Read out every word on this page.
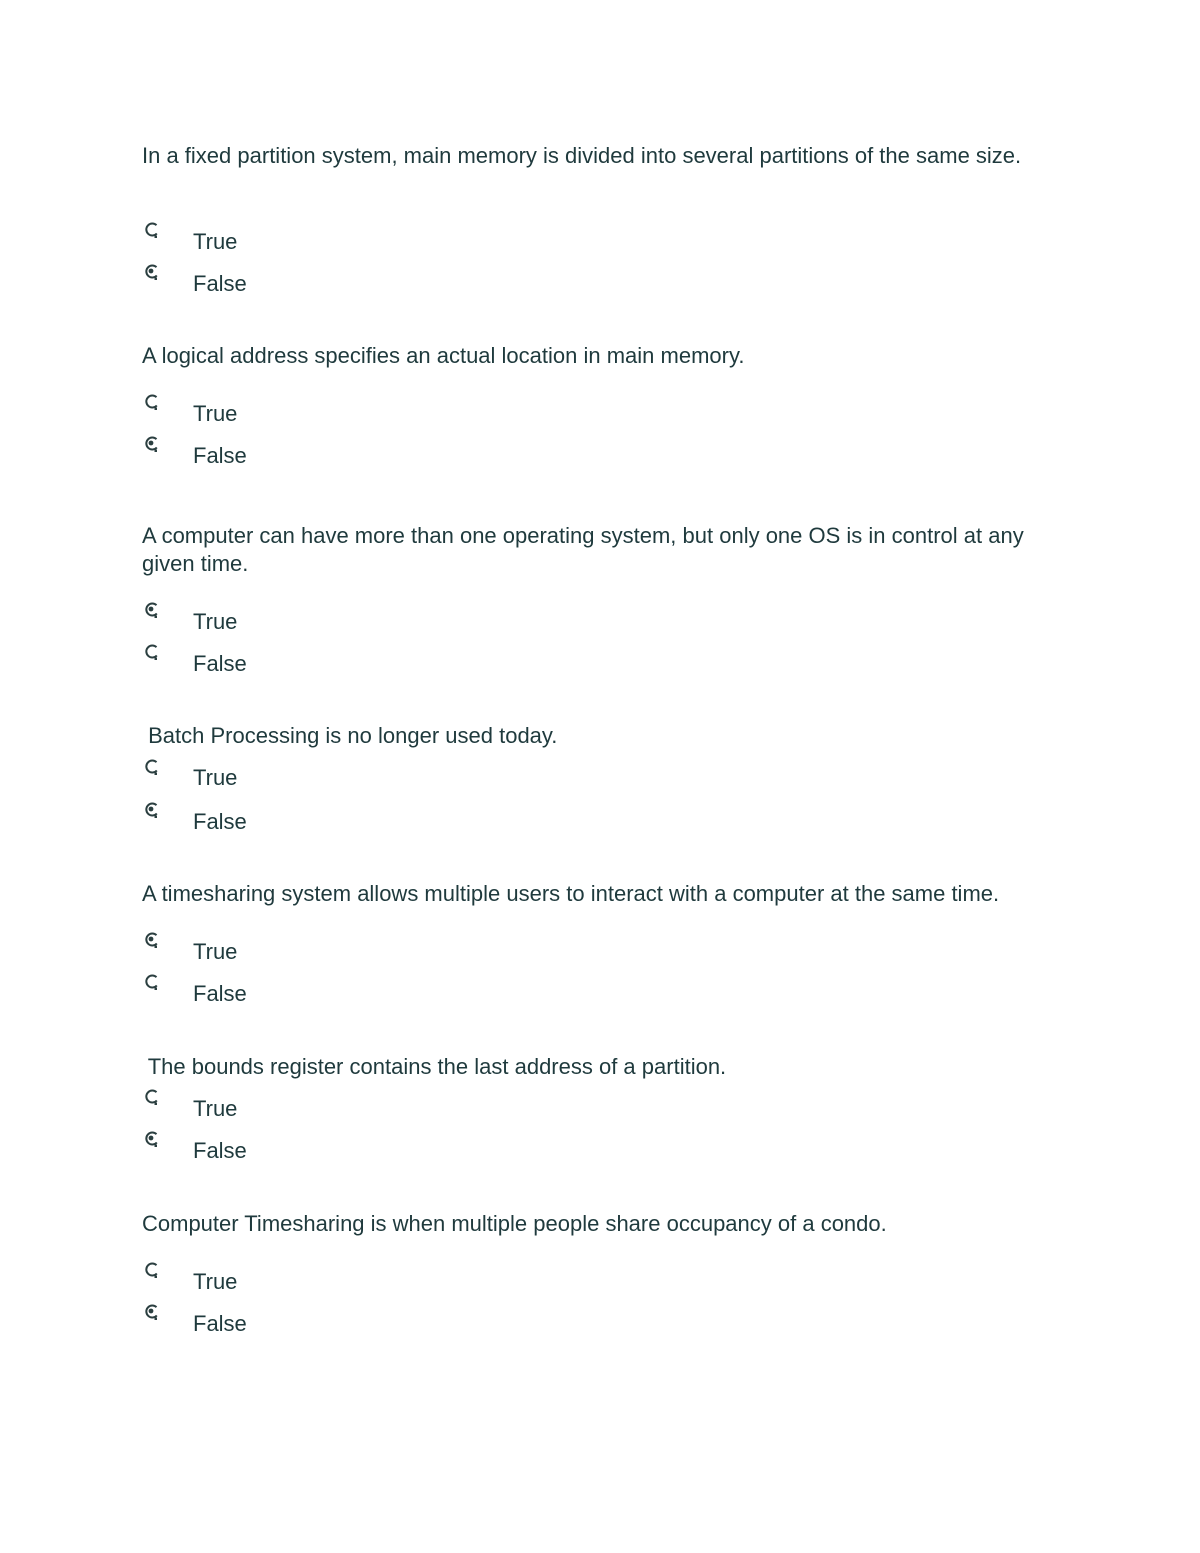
In a fixed partition system, main memory is divided into several partitions of the same size.
True
False
A logical address specifies an actual location in main memory.
True
False
A computer can have more than one operating system, but only one OS is in control at any given time.
True
False
Batch Processing is no longer used today.
True
False
A timesharing system allows multiple users to interact with a computer at the same time.
True
False
The bounds register contains the last address of a partition.
True
False
Computer Timesharing is when multiple people share occupancy of a condo.
True
False
